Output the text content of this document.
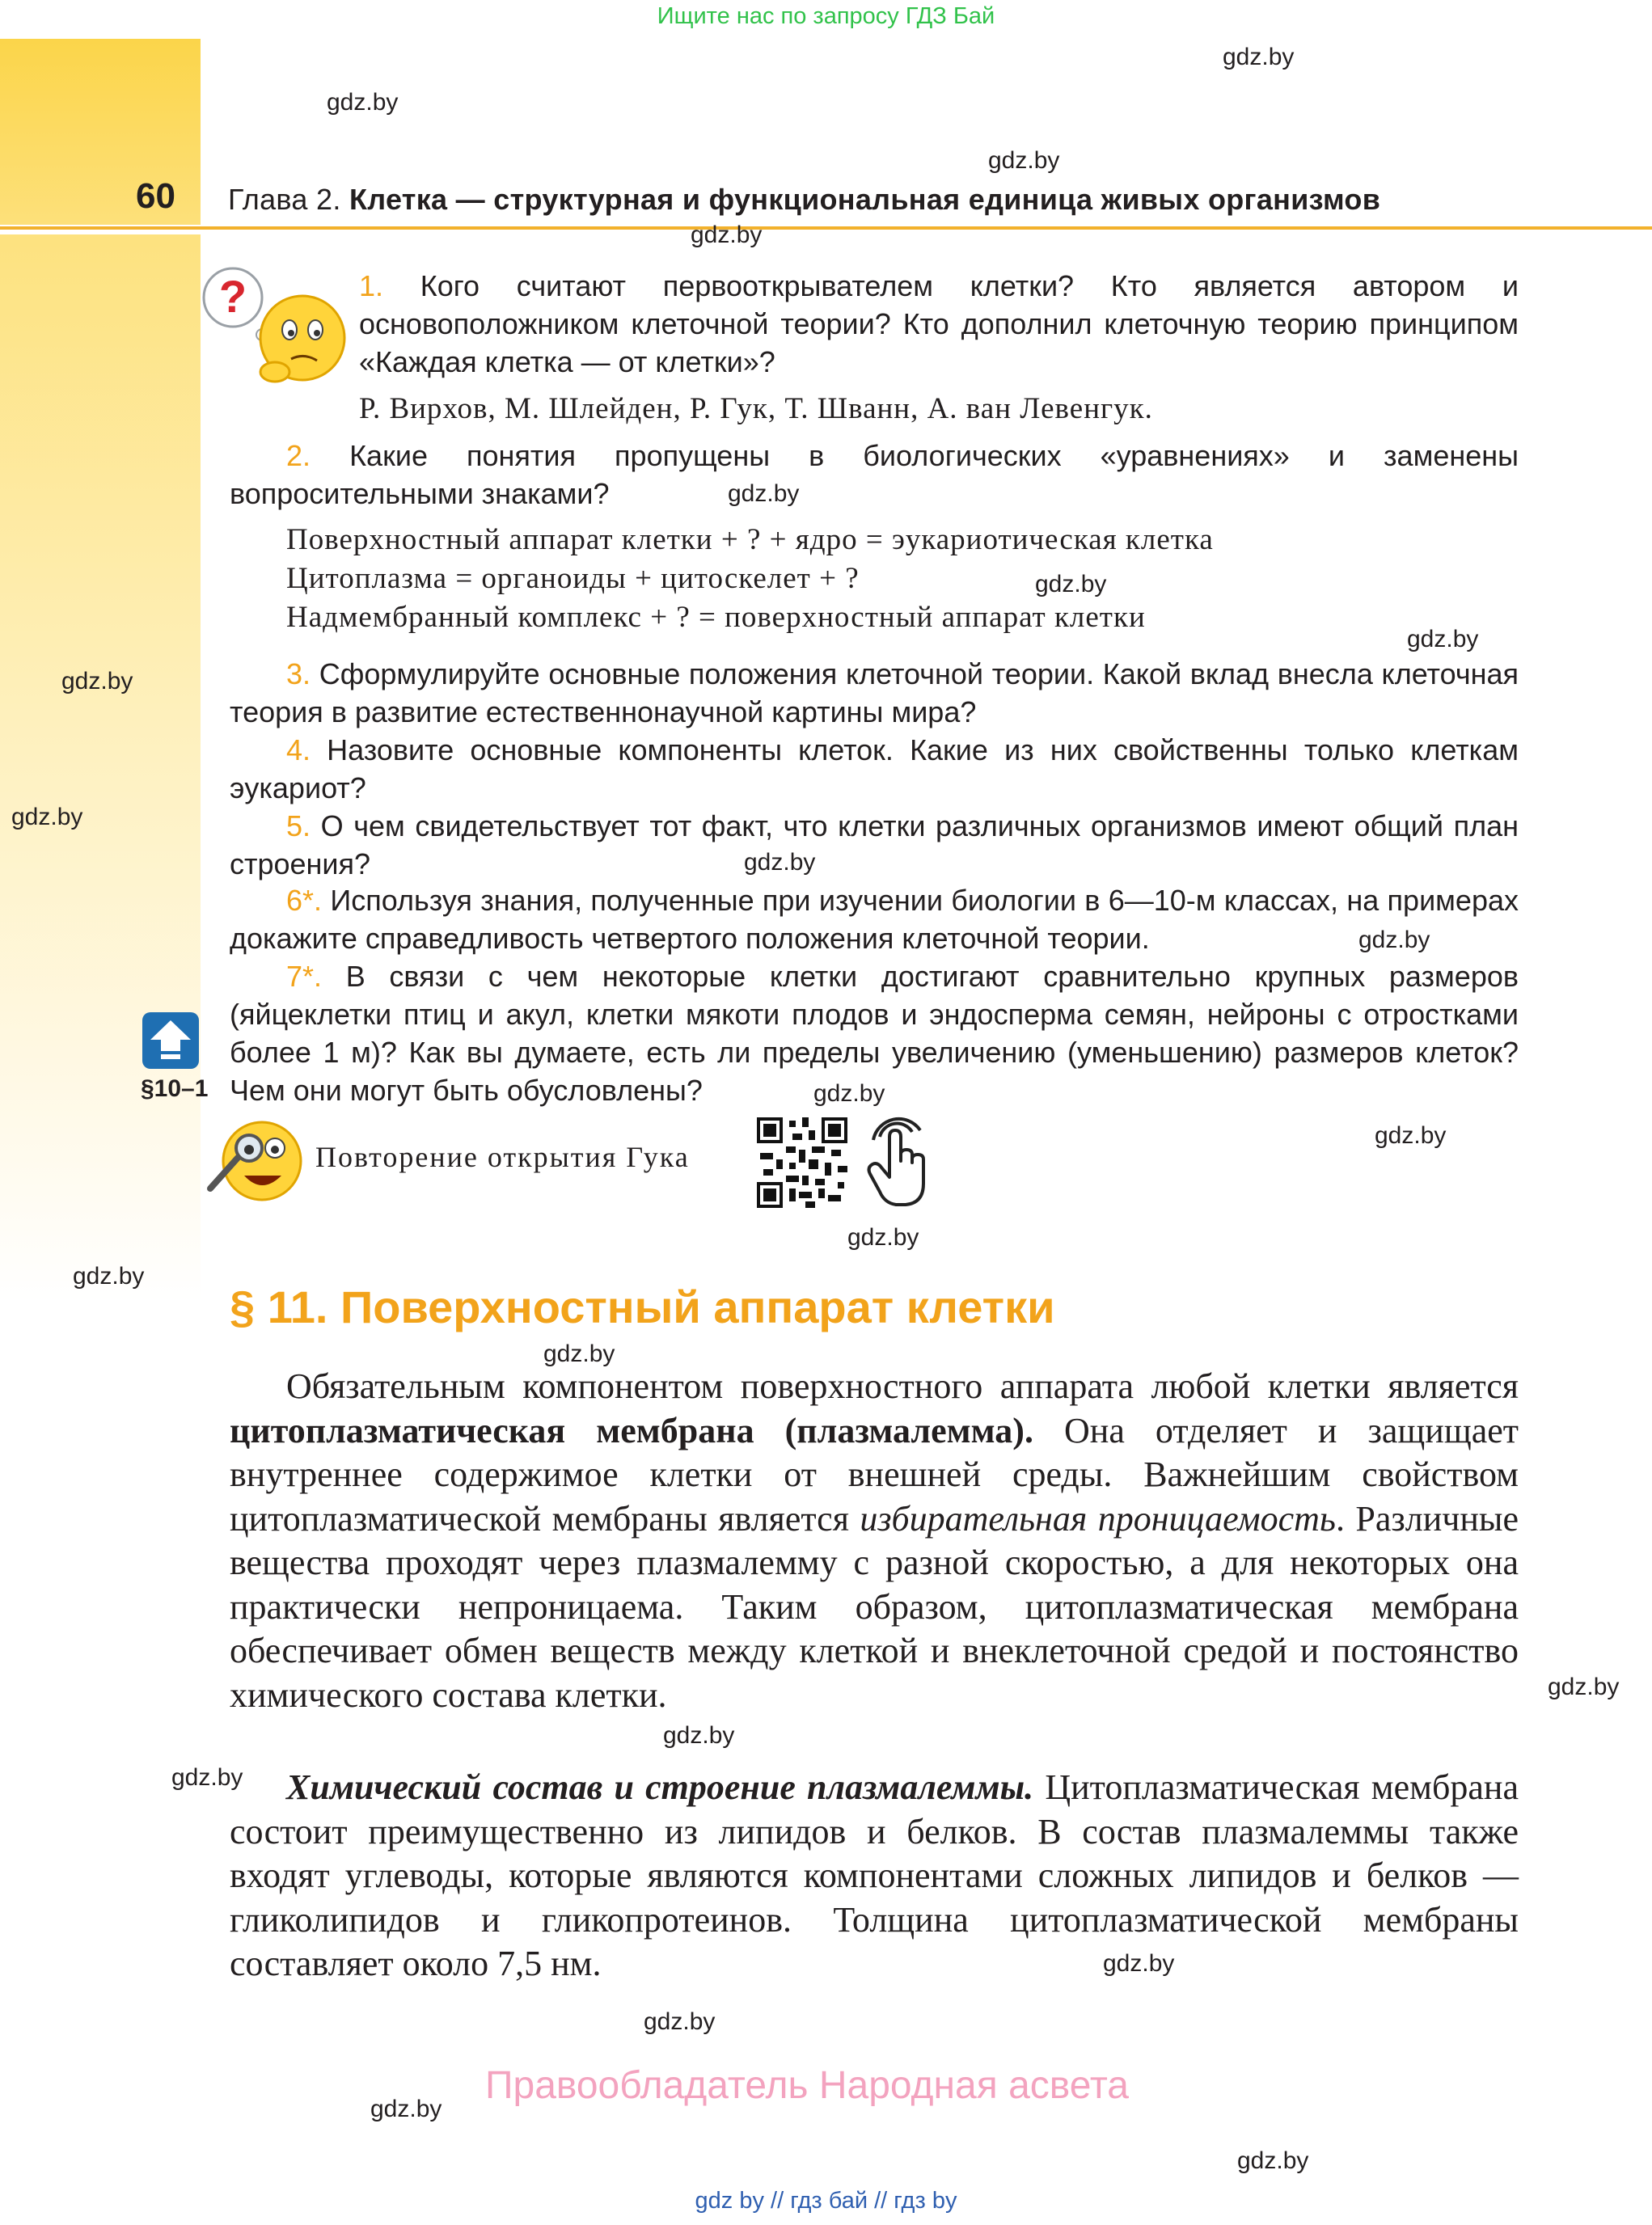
Ищите нас по запросу ГДЗ Бай
60 Глава 2. Клетка — структурная и функциональная единица живых организмов
gdz.by
gdz.by
gdz.by
gdz.by
gdz.by
gdz.by
gdz.by
gdz.by
gdz.by
gdz.by
gdz.by
gdz.by
gdz.by
gdz.by
gdz.by
gdz.by
gdz.by
gdz.by
gdz.by
gdz.by
gdz.by
gdz.by
gdz.by
?	1. Кого считают первооткрывателем клетки? Кто является автором и основоположником клеточной теории? Кто дополнил клеточную теорию принципом «Каждая клетка — от клетки»?
Р. Вирхов, М. Шлейден, Р. Гук, Т. Шванн, А. ван Левенгук.
2. Какие понятия пропущены в биологических «уравнениях» и заменены вопросительными знаками?
Поверхностный аппарат клетки + ? + ядро = эукариотическая клетка
Цитоплазма = органоиды + цитоскелет + ?
Надмембранный комплекс + ? = поверхностный аппарат клетки
3. Сформулируйте основные положения клеточной теории. Какой вклад внесла клеточная теория в развитие естественнонаучной картины мира?
4. Назовите основные компоненты клеток. Какие из них свойственны только клеткам эукариот?
5. О чем свидетельствует тот факт, что клетки различных организмов имеют общий план строения?
6*. Используя знания, полученные при изучении биологии в 6—10-м классах, на примерах докажите справедливость четвертого положения клеточной теории.
7*. В связи с чем некоторые клетки достигают сравнительно крупных размеров (яйцеклетки птиц и акул, клетки мякоти плодов и эндосперма семян, нейроны с отростками более 1 м)? Как вы думаете, есть ли пределы увеличению (уменьшению) размеров клеток? Чем они могут быть обусловлены?
§10–1
Повторение открытия Гука
§ 11. Поверхностный аппарат клетки
Обязательным компонентом поверхностного аппарата любой клетки является цитоплазматическая мембрана (плазмалемма). Она отделяет и защищает внутреннее содержимое клетки от внешней среды. Важнейшим свойством цитоплазматической мембраны является избирательная проницаемость. Различные вещества проходят через плазмалемму с разной скоростью, а для некоторых она практически непроницаема. Таким образом, цитоплазматическая мембрана обеспечивает обмен веществ между клеткой и внеклеточной средой и постоянство химического состава клетки.
Химический состав и строение плазмалеммы. Цитоплазматическая мембрана состоит преимущественно из липидов и белков. В состав плазмалеммы также входят углеводы, которые являются компонентами сложных липидов и белков — гликолипидов и гликопротеинов. Толщина цитоплазматической мембраны составляет около 7,5 нм.
Правообладатель Народная асвета
gdz by // гдз бай // гдз by
